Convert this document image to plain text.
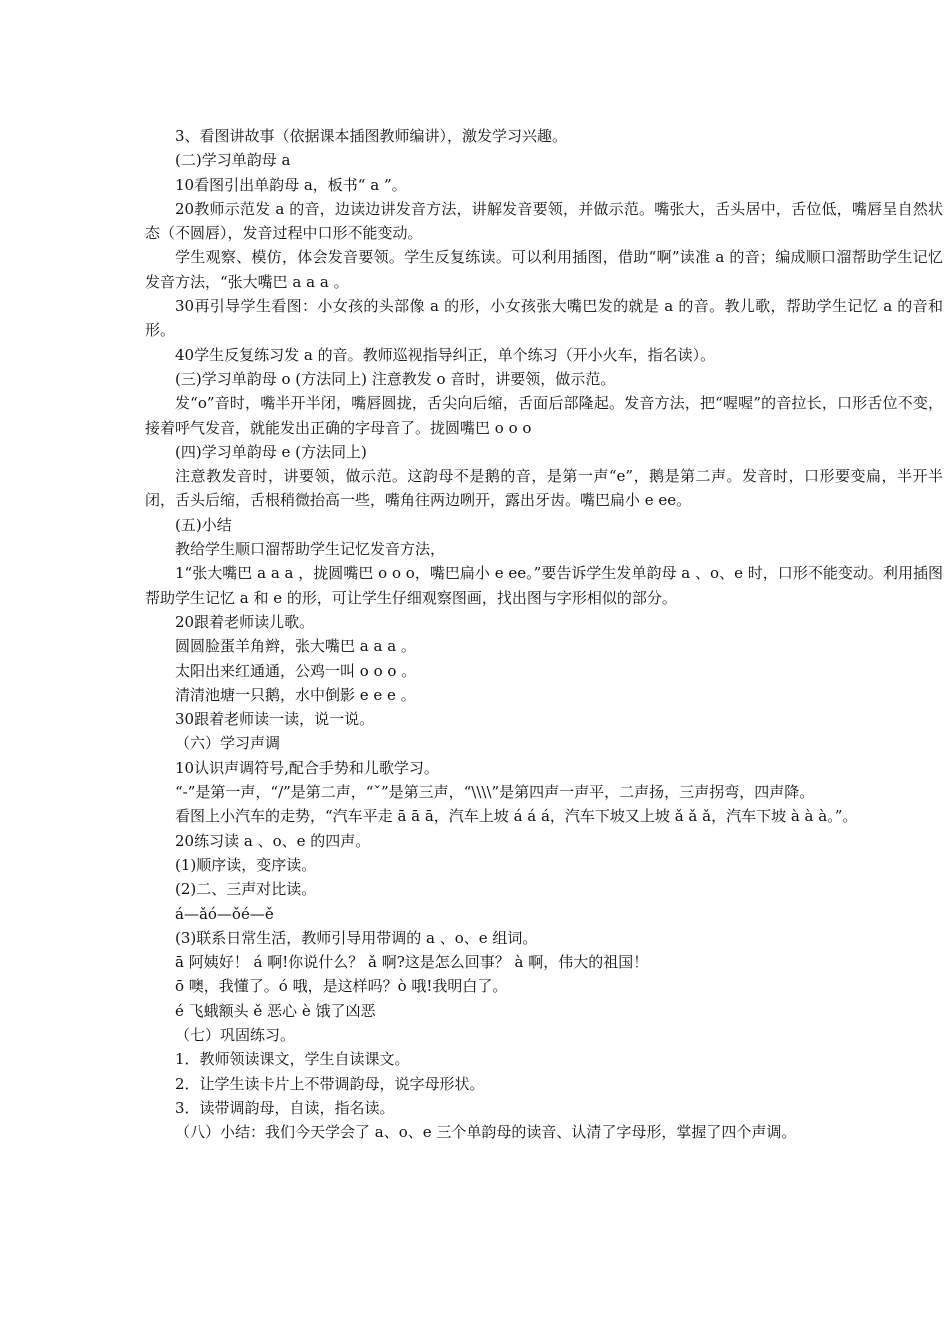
3、看图讲故事（依据课本插图教师编讲），激发学习兴趣。

(二)学习单韵母 a

10看图引出单韵母 a，板书“ a ”。

20教师示范发 a 的音，边读边讲发音方法，讲解发音要领，并做示范。嘴张大，舌头居中，舌位低，嘴唇呈自然状态（不圆唇），发音过程中口形不能变动。

学生观察、模仿，体会发音要领。学生反复练读。可以利用插图，借助“啊”读准 a 的音；编成顺口溜帮助学生记忆发音方法，“张大嘴巴 a a a 。

30再引导学生看图：小女孩的头部像 a 的形，小女孩张大嘴巴发的就是 a 的音。教儿歌，帮助学生记忆 a 的音和形。

40学生反复练习发 a 的音。教师巡视指导纠正，单个练习（开小火车，指名读）。

(三)学习单韵母 o (方法同上) 注意教发 o 音时，讲要领，做示范。

发“o”音时，嘴半开半闭，嘴唇圆拢，舌尖向后缩，舌面后部隆起。发音方法，把“喔喔”的音拉长，口形舌位不变，接着呼气发音，就能发出正确的字母音了。拢圆嘴巴 o o o

(四)学习单韵母 e (方法同上)

注意教发音时，讲要领，做示范。这韵母不是鹅的音，是第一声“e”，鹅是第二声。发音时，口形要变扁，半开半闭，舌头后缩，舌根稍微抬高一些，嘴角往两边咧开，露出牙齿。嘴巴扁小 e ee。

(五)小结

教给学生顺口溜帮助学生记忆发音方法，

1“张大嘴巴 a a a ，拢圆嘴巴 o o o，嘴巴扁小 e ee。”要告诉学生发单韵母 a 、o、e 时，口形不能变动。利用插图帮助学生记忆 a 和 e 的形，可让学生仔细观察图画，找出图与字形相似的部分。

20跟着老师读儿歌。

圆圆脸蛋羊角辫，张大嘴巴 a a a 。

太阳出来红通通，公鸡一叫 o o o 。

清清池塘一只鹅，水中倒影 e e e 。

30跟着老师读一读，说一说。

（六）学习声调

10认识声调符号,配合手势和儿歌学习。

“-”是第一声，“/”是第二声，“ˇ”是第三声，“\\\\”是第四声一声平，二声扬，三声拐弯，四声降。

看图上小汽车的走势，“汽车平走 ā ā ā，汽车上坡 á á á，汽车下坡又上坡 ǎ ǎ ǎ，汽车下坡 à à à。”。

20练习读 a 、o、e 的四声。

(1)顺序读，变序读。

(2)二、三声对比读。

á—ǎó—ǒé—ě

(3)联系日常生活，教师引导用带调的 a 、o、e 组词。

ā 阿姨好！ á 啊!你说什么？ ǎ 啊?这是怎么回事？ à 啊，伟大的祖国！

ō 噢，我懂了。ó 哦，是这样吗？ò 哦!我明白了。

é 飞蛾额头 ě 恶心 è 饿了凶恶

（七）巩固练习。

1．教师领读课文，学生自读课文。

2．让学生读卡片上不带调韵母，说字母形状。

3．读带调韵母，自读，指名读。

（八）小结：我们今天学会了 a、o、e 三个单韵母的读音、认清了字母形，掌握了四个声调。
